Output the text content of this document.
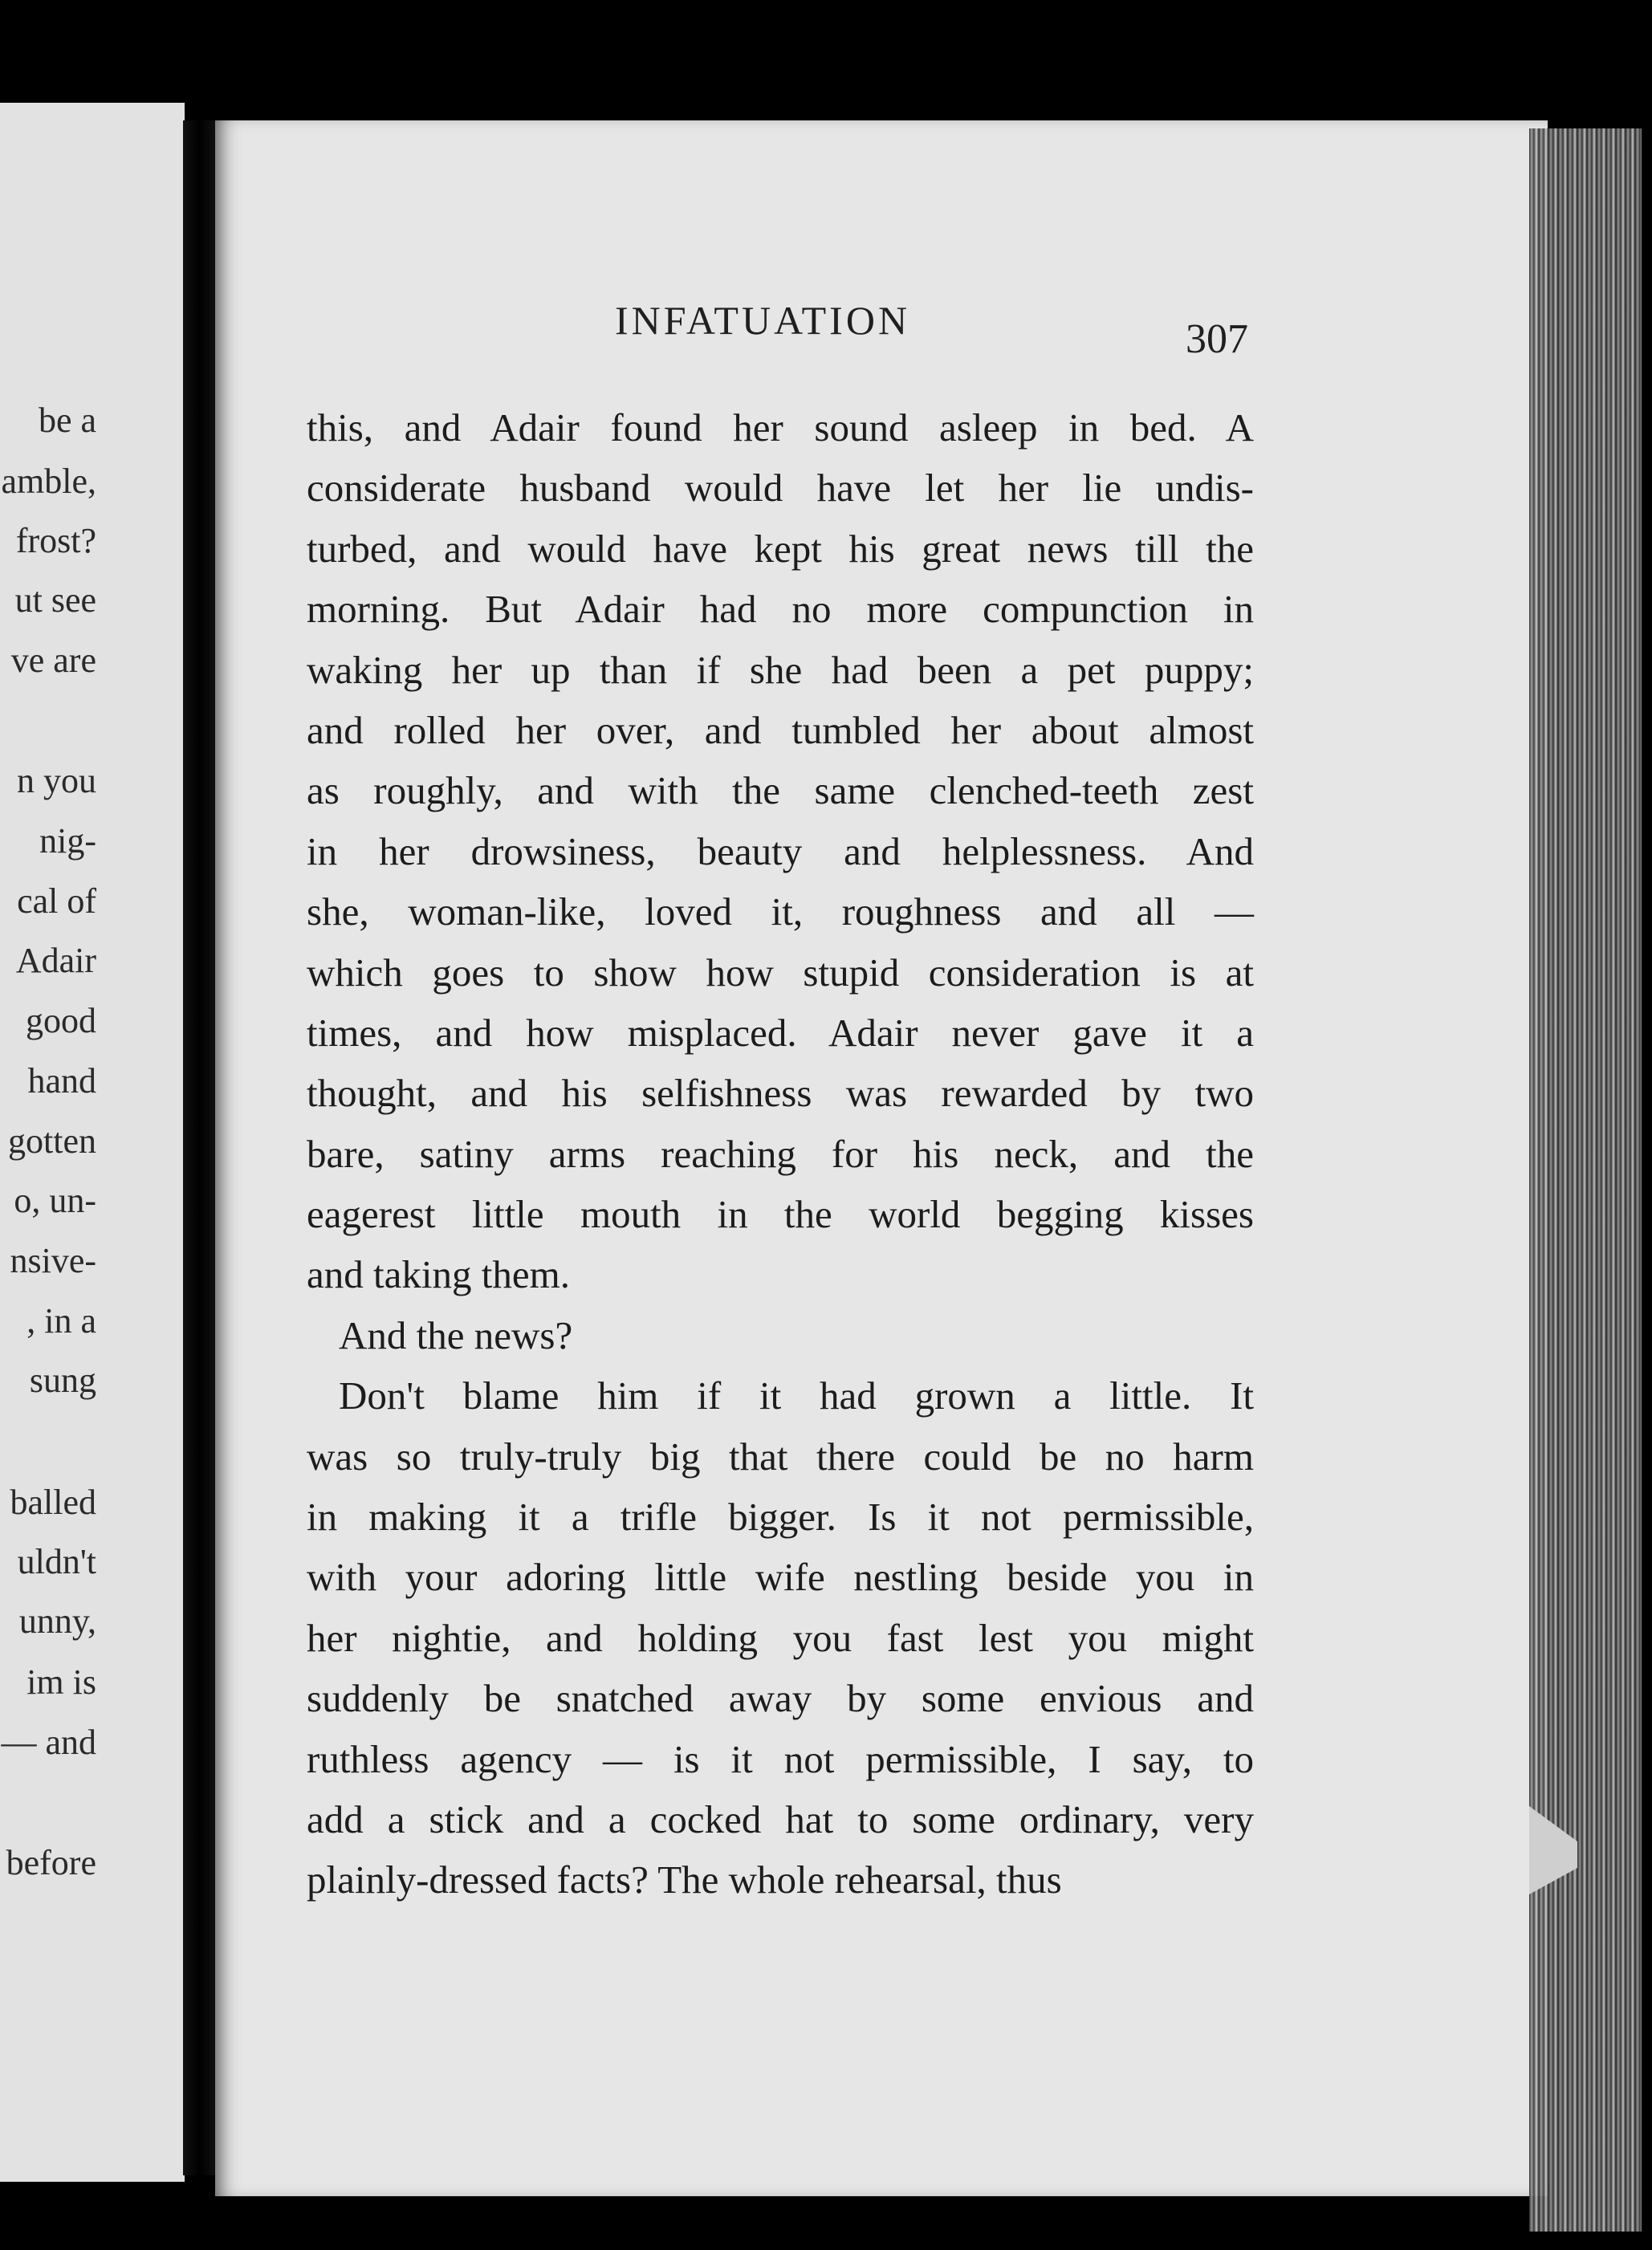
be a
amble,
frost?
ut see
ve are
n you
nig-
cal of
Adair
good
hand
gotten
o, un-
nsive-
, in a
sung
balled
uldn't
unny,
im is
— and
before
INFATUATION	307
this, and Adair found her sound asleep in bed. A
considerate husband would have let her lie undis-
turbed, and would have kept his great news till the
morning. But Adair had no more compunction in
waking her up than if she had been a pet puppy;
and rolled her over, and tumbled her about almost
as roughly, and with the same clenched-teeth zest
in her drowsiness, beauty and helplessness. And
she, woman-like, loved it, roughness and all —
which goes to show how stupid consideration is at
times, and how misplaced. Adair never gave it a
thought, and his selfishness was rewarded by two
bare, satiny arms reaching for his neck, and the
eagerest little mouth in the world begging kisses
and taking them.
And the news?
Don't blame him if it had grown a little. It
was so truly-truly big that there could be no harm
in making it a trifle bigger. Is it not permissible,
with your adoring little wife nestling beside you in
her nightie, and holding you fast lest you might
suddenly be snatched away by some envious and
ruthless agency — is it not permissible, I say, to
add a stick and a cocked hat to some ordinary, very
plainly-dressed facts? The whole rehearsal, thus
